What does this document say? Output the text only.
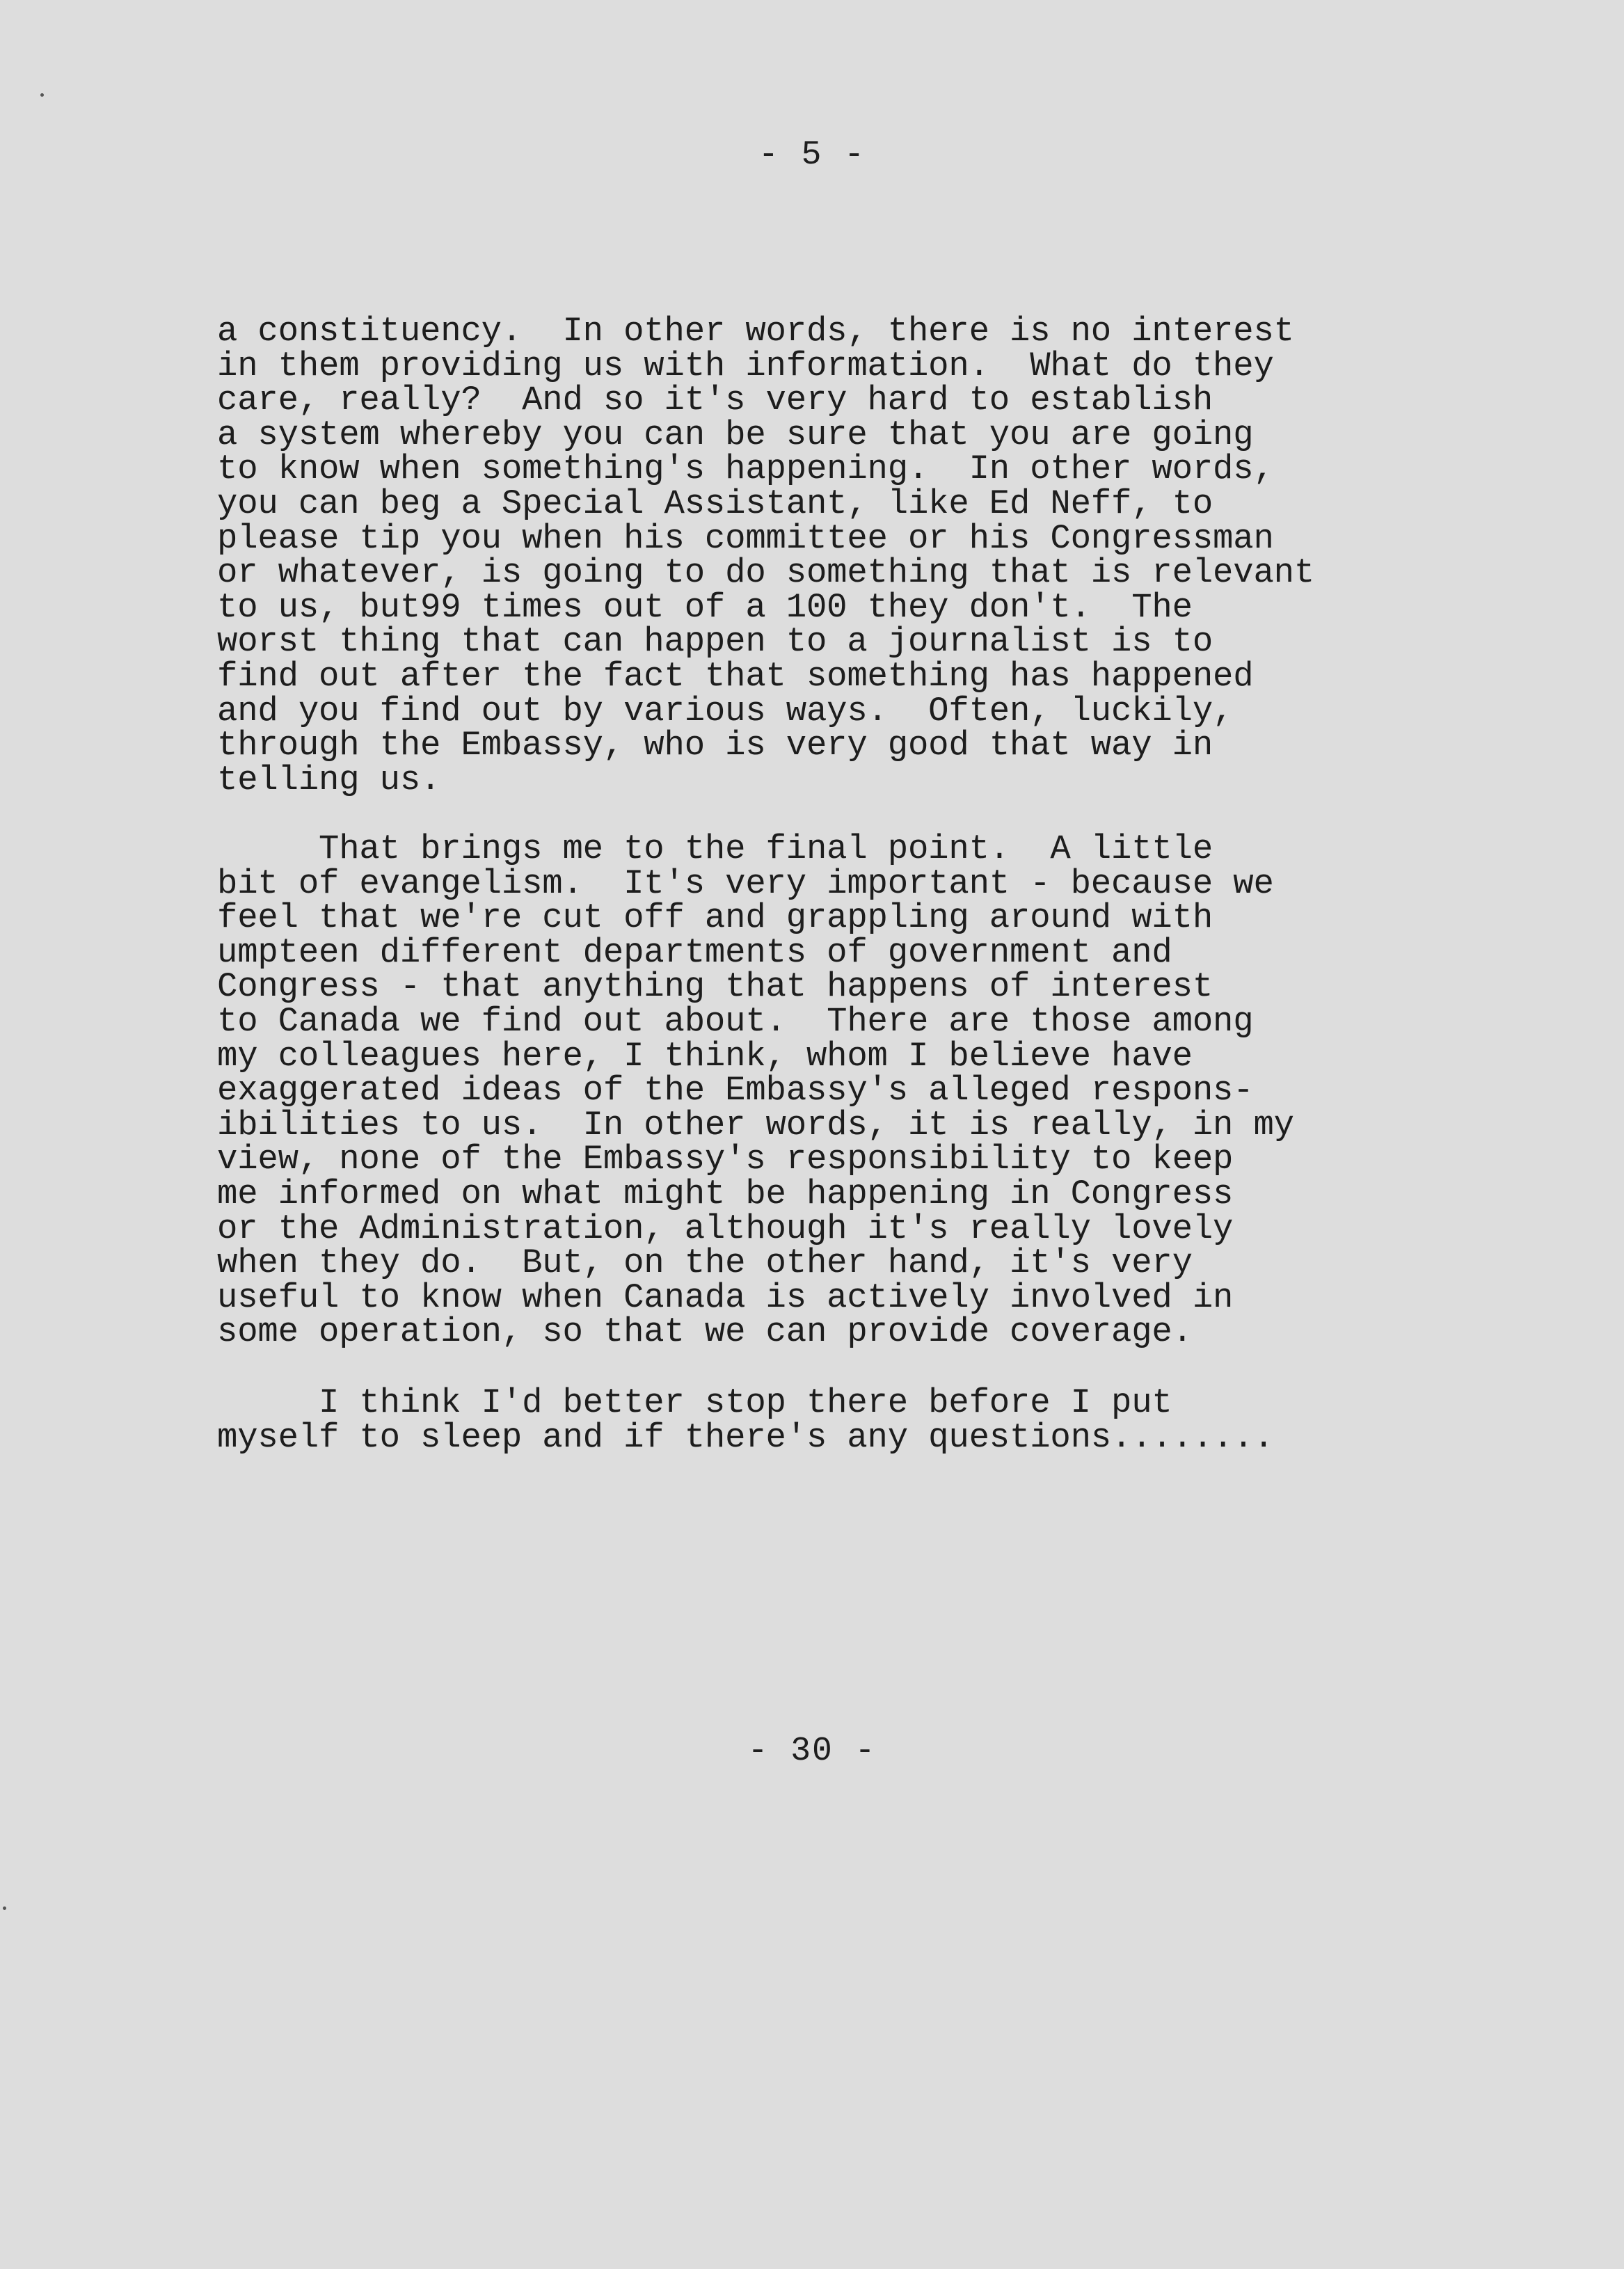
- 5 -
a constituency.  In other words, there is no interest
in them providing us with information.  What do they
care, really?  And so it's very hard to establish
a system whereby you can be sure that you are going
to know when something's happening.  In other words,
you can beg a Special Assistant, like Ed Neff, to
please tip you when his committee or his Congressman
or whatever, is going to do something that is relevant
to us, but99 times out of a 100 they don't.  The
worst thing that can happen to a journalist is to
find out after the fact that something has happened
and you find out by various ways.  Often, luckily,
through the Embassy, who is very good that way in
telling us.
That brings me to the final point.  A little
bit of evangelism.  It's very important - because we
feel that we're cut off and grappling around with
umpteen different departments of government and
Congress - that anything that happens of interest
to Canada we find out about.  There are those among
my colleagues here, I think, whom I believe have
exaggerated ideas of the Embassy's alleged respons-
ibilities to us.  In other words, it is really, in my
view, none of the Embassy's responsibility to keep
me informed on what might be happening in Congress
or the Administration, although it's really lovely
when they do.  But, on the other hand, it's very
useful to know when Canada is actively involved in
some operation, so that we can provide coverage.
I think I'd better stop there before I put
myself to sleep and if there's any questions........
- 30 -
